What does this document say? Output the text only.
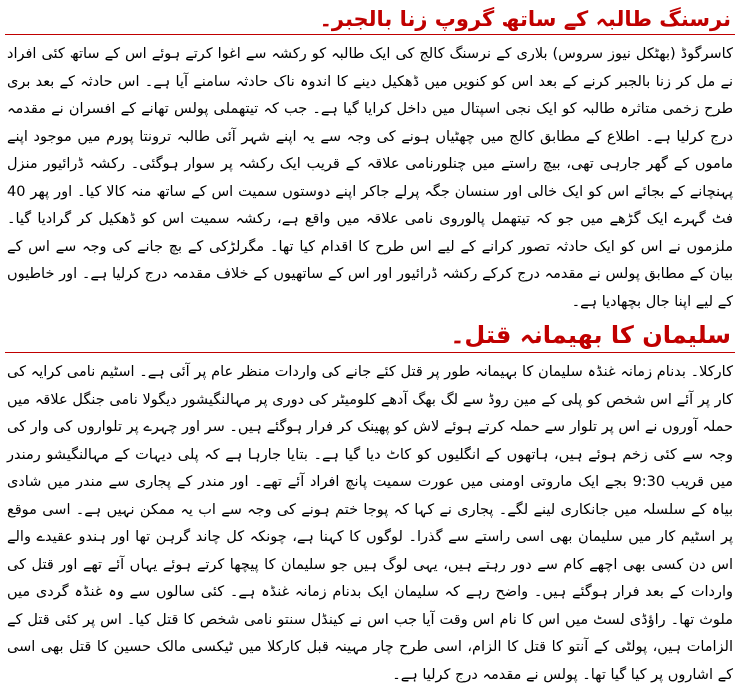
نرسنگ طالبہ کے ساتھ گروپ زنا بالجبر۔

کاسرگوڈ (بھٹکل نیوز سروس) بلاری کے نرسنگ کالج کی ایک طالبہ کو رکشہ سے اغوا کرتے ہوئے اس کے ساتھ کئی افراد نے مل کر زنا بالجبر کرنے کے بعد اس کو کنویں میں ڈھکیل دینے کا اندوہ ناک حادثہ سامنے آیا ہے۔ اس حادثہ کے بعد بری طرح زخمی متاثرہ طالبہ کو ایک نجی اسپتال میں داخل کرایا گیا ہے۔ جب کہ تیتھملی پولس تھانے کے افسران نے مقدمہ درج کرلیا ہے۔ اطلاع کے مطابق کالج میں چھٹیاں ہونے کی وجہ سے یہ اپنے شہر آئی طالبہ ترونتا پورم میں موجود اپنے ماموں کے گھر جارہی تھی، بیچ راستے میں چنلورنامی علاقہ کے قریب ایک رکشہ پر سوار ہوگئی۔ رکشہ ڈرائیور منزل پہنچانے کے بجائے اس کو ایک خالی اور سنسان جگہ پرلے جاکر اپنے دوستوں سمیت اس کے ساتھ منہ کالا کیا۔ اور پھر 40 فٹ گہرے ایک گڑھے میں جو کہ تیتھمل پالوروی نامی علاقہ میں واقع ہے، رکشہ سمیت اس کو ڈھکیل کر گرادیا گیا۔ ملزموں نے اس کو ایک حادثہ تصور کرانے کے لیے اس طرح کا اقدام کیا تھا۔ مگرلڑکی کے بچ جانے کی وجہ سے اس کے بیان کے مطابق پولس نے مقدمہ درج کرکے رکشہ ڈرائیور اور اس کے ساتھیوں کے خلاف مقدمہ درج کرلیا ہے۔ اور خاطیوں کے لیے اپنا جال بچھادیا ہے۔

سلیمان کا بھیمانہ قتل۔

کارکلا۔ بدنام زمانہ غنڈہ سلیمان کا بہیمانہ طور پر قتل کئے جانے کی واردات منظر عام پر آئی ہے۔ اسٹیم نامی کرایہ کی کار پر آئے اس شخص کو پلی کے مین روڈ سے لگ بھگ آدھے کلومیٹر کی دوری پر مہالنگیشور دیگولا نامی جنگل علاقہ میں حملہ آوروں نے اس پر تلوار سے حملہ کرتے ہوئے لاش کو پھینک کر فرار ہوگئے ہیں۔ سر اور چہرے پر تلواروں کی وار کی وجہ سے کئی زخم ہوئے ہیں، ہاتھوں کے انگلیوں کو کاٹ دیا گیا ہے۔ بتایا جارہا ہے کہ پلی دیہات کے مہالنگیشو رمندر میں قریب 9:30 بجے ایک ماروتی اومنی میں عورت سمیت پانچ افراد آئے تھے۔ اور مندر کے پجاری سے مندر میں شادی بیاہ کے سلسلہ میں جانکاری لینے لگے۔ پجاری نے کہا کہ پوجا ختم ہونے کی وجہ سے اب یہ ممکن نہیں ہے۔ اسی موقع پر اسٹیم کار میں سلیمان بھی اسی راستے سے گذرا۔ لوگوں کا کہنا ہے، چونکہ کل چاند گرہن تھا اور ہندو عقیدے والے اس دن کسی بھی اچھے کام سے دور رہتے ہیں، یہی لوگ ہیں جو سلیمان کا پیچھا کرتے ہوئے یہاں آئے تھے اور قتل کی واردات کے بعد فرار ہوگئے ہیں۔ واضح رہے کہ سلیمان ایک بدنام زمانہ غنڈہ ہے۔ کئی سالوں سے وہ غنڈہ گردی میں ملوث تھا۔ راؤڈی لسٹ میں اس کا نام اس وقت آیا جب اس نے کینڈل سنتو نامی شخص کا قتل کیا۔ اس پر کئی قتل کے الزامات ہیں، پولٹی کے آنتو کا قتل کا الزام، اسی طرح چار مہینہ قبل کارکلا میں ٹیکسی مالک حسین کا قتل بھی اسی کے اشاروں پر کیا گیا تھا۔ پولس نے مقدمہ درج کرلیا ہے۔
